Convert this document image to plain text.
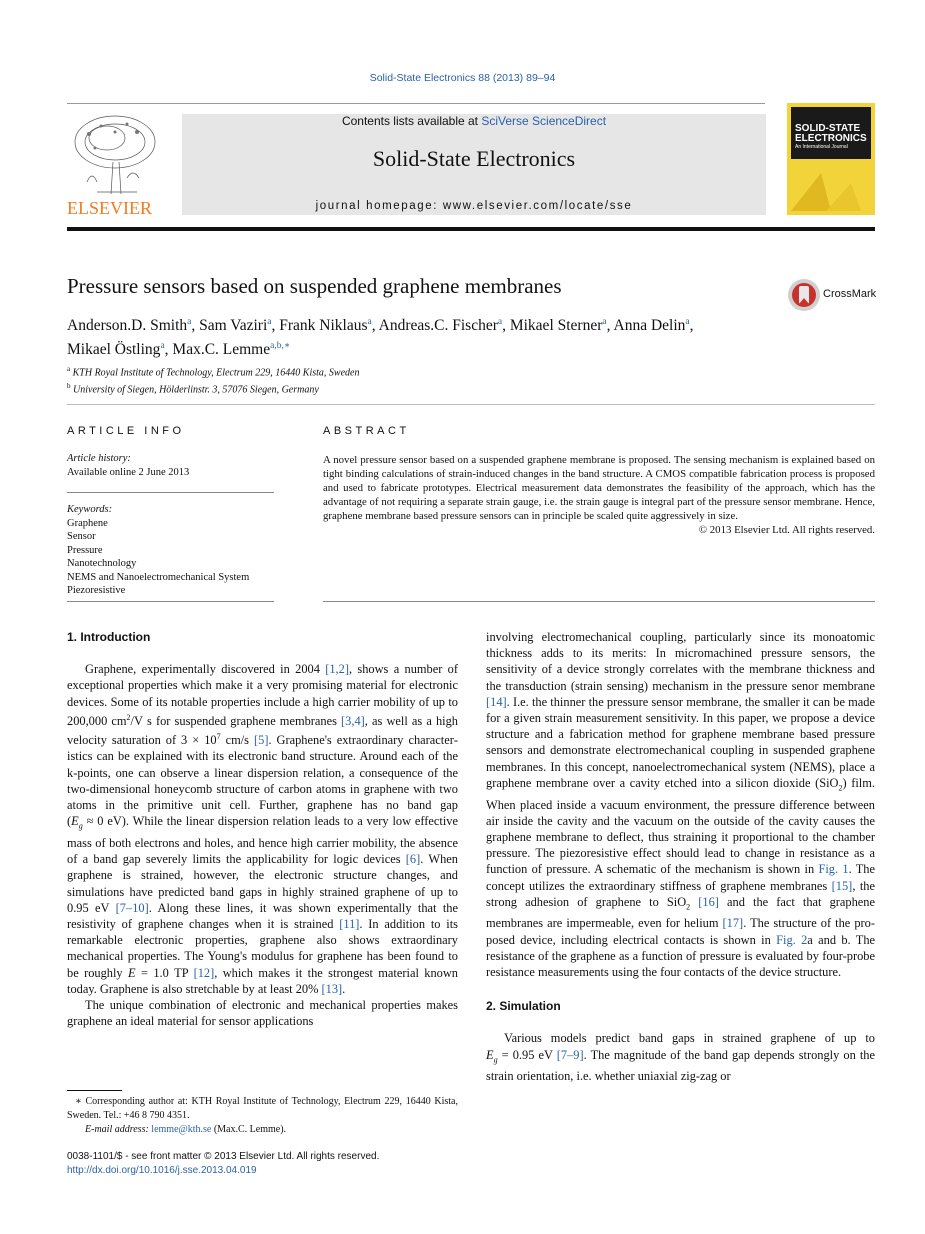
Solid-State Electronics 88 (2013) 89–94
ELSEVIER
Contents lists available at SciVerse ScienceDirect
Solid-State Electronics
journal homepage: www.elsevier.com/locate/sse
SOLID-STATE
ELECTRONICS
An International Journal
Pressure sensors based on suspended graphene membranes	CrossMark
Anderson.D. Smith$^a$, Sam Vaziri$^a$, Frank Niklaus$^a$, Andreas.C. Fischer$^a$, Mikael Sterner$^a$, Anna Delin$^a$,
Mikael Östling$^a$, Max.C. Lemme$^{a,b,∗}$
$^a$ KTH Royal Institute of Technology, Electrum 229, 16440 Kista, Sweden
$^b$ University of Siegen, Hölderlinstr. 3, 57076 Siegen, Germany
ARTICLE INFO	ABSTRACT
Article history:
Available online 2 June 2013
Keywords:
Graphene
Sensor
Pressure
Nanotechnology
NEMS and Nanoelectromechanical System
Piezoresistive
A novel pressure sensor based on a suspended graphene membrane is proposed. The sensing mechanism is explained based on tight binding calculations of strain-induced changes in the band structure. A CMOS compatible fabrication process is proposed and used to fabricate prototypes. Electrical measurement data demonstrates the feasibility of the approach, which has the advantage of not requiring a separate strain gauge, i.e. the strain gauge is integral part of the pressure sensor membrane. Hence, graphene membrane based pressure sensors can in principle be scaled quite aggressively in size.
© 2013 Elsevier Ltd. All rights reserved.
1. Introduction

Graphene, experimentally discovered in 2004 [1,2], shows a number of exceptional properties which make it a very promising material for electronic devices. Some of its notable properties include a high carrier mobility of up to 200,000 $cm^2/V$ s for suspended graphene membranes [3,4], as well as a high velocity saturation of $3 \times 10^7$ cm/s [5]. Graphene's extraordinary characteristics can be explained with its electronic band structure. Around each of the k-points, one can observe a linear dispersion relation, a consequence of the two-dimensional honeycomb structure of carbon atoms in graphene with two atoms in the primitive unit cell. Further, graphene has no band gap ($E_g \approx 0$ eV). While the linear dispersion relation leads to a very low effective mass of both electrons and holes, and hence high carrier mobility, the absence of a band gap severely limits the applicability for logic devices [6]. When graphene is strained, however, the electronic structure changes, and simulations have predicted band gaps in highly strained graphene of up to 0.95 eV [7–10]. Along these lines, it was shown experimentally that the resistivity of graphene changes when it is strained [11]. In addition to its remarkable electronic properties, graphene also shows extraordinary mechanical properties. The Young's modulus for graphene has been found to be roughly E = 1.0 TP [12], which makes it the strongest material known today. Graphene is also stretchable by at least 20% [13].

The unique combination of electronic and mechanical properties makes graphene an ideal material for sensor applications

involving electromechanical coupling, particularly since its monoatomic thickness adds to its merits: In micromachined pressure sensors, the sensitivity of a device strongly correlates with the membrane thickness and the transduction (strain sensing) mechanism in the pressure senor membrane [14]. I.e. the thinner the pressure sensor membrane, the smaller it can be made for a given strain measurement sensitivity. In this paper, we propose a device structure and a fabrication method for graphene membrane based pressure sensors and demonstrate electromechanical coupling in suspended graphene membranes. In this concept, nanoelectromechanical system (NEMS), place a graphene membrane over a cavity etched into a silicon dioxide (SiO$_2$) film. When placed inside a vacuum environment, the pressure difference between air inside the cavity and the vacuum on the outside of the cavity causes the graphene membrane to deflect, thus straining it proportional to the chamber pressure. The piezoresistive effect should lead to change in resistance as a function of pressure. A schematic of the mechanism is shown in Fig. 1. The concept utilizes the extraordinary stiffness of graphene membranes [15], the strong adhesion of graphene to SiO$_2$ [16] and the fact that graphene membranes are impermeable, even for helium [17]. The structure of the proposed device, including electrical contacts is shown in Fig. 2a and b. The resistance of the graphene as a function of pressure is evaluated by four-probe resistance measurements using the four contacts of the device structure.

2. Simulation

Various models predict band gaps in strained graphene of up to $E_g = 0.95$ eV [7–9]. The magnitude of the band gap depends strongly on the strain orientation, i.e. whether uniaxial zig-zag or

∗ Corresponding author at: KTH Royal Institute of Technology, Electrum 229, 16440 Kista, Sweden. Tel.: +46 8 790 4351.
E-mail address: lemme@kth.se (Max.C. Lemme).
0038-1101/$ - see front matter © 2013 Elsevier Ltd. All rights reserved.
http://dx.doi.org/10.1016/j.sse.2013.04.019
